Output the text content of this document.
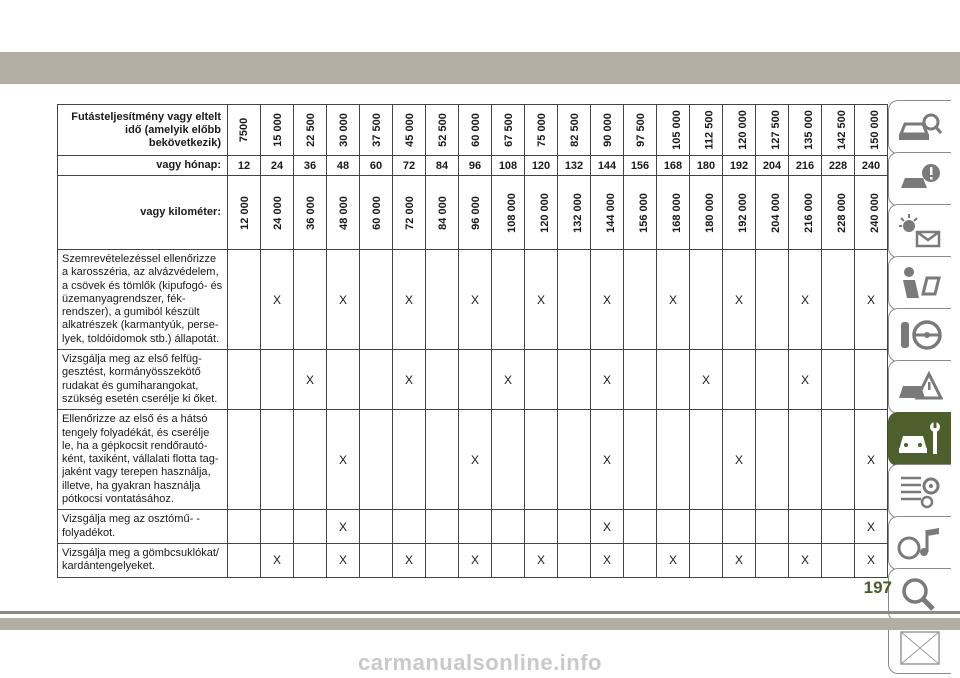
Futásteljesítmény vagy eltelt idő (amelyik előbb bekövetkezik)	7500	15 000	22 500	30 000	37 500	45 000	52 500	60 000	67 500	75 000	82 500	90 000	97 500	105 000	112 500	120 000	127 500	135 000	142 500	150 000
vagy hónap:	12	24	36	48	60	72	84	96	108	120	132	144	156	168	180	192	204	216	228	240
vagy kilométer:	12 000	24 000	36 000	48 000	60 000	72 000	84 000	96 000	108 000	120 000	132 000	144 000	156 000	168 000	180 000	192 000	204 000	216 000	228 000	240 000
Szemrevételezéssel ellenőrizze a karosszéria, az alvázvédelem, a csövek és tömlők (kipufogó- és üzemanyagrendszer, fék- rendszer), a gumiból készült alkatrészek (karmantyúk, perse- lyek, toldóidomok stb.) állapotát.		X		X		X		X		X		X		X		X		X		X
Vizsgálja meg az első felfüg- gesztést, kormányösszekötő rudakat és gumiharangokat, szükség esetén cserélje ki őket.			X			X			X			X			X			X		
Ellenőrizze az első és a hátsó tengely folyadékát, és cserélje le, ha a gépkocsit rendőrautó- ként, taxiként, vállalati flotta tag- jaként vagy terepen használja, illetve, ha gyakran használja pótkocsi vontatásához.				X				X				X				X				X
Vizsgálja meg az osztómű- -folyadékot.				X								X								X
Vizsgálja meg a gömbcsuklókat/ kardántengelyeket.		X		X		X		X		X		X		X		X		X		X
197
carmanualsonline.info
